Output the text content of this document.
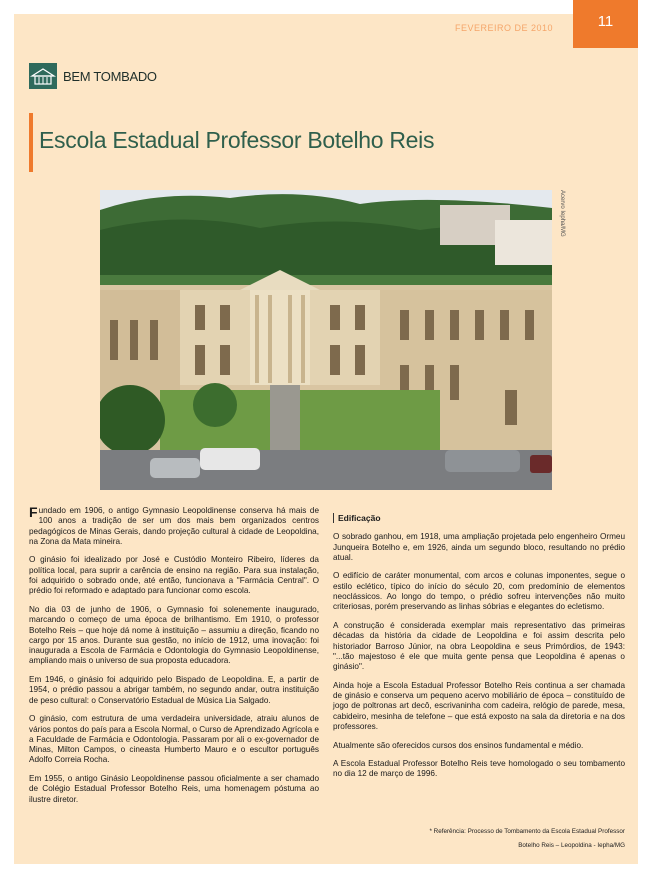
FEVEREIRO DE 2010	11
BEM TOMBADO
Escola Estadual Professor Botelho Reis
Acervo Iepha/MG

Fundado em 1906, o antigo Gymnasio Leopoldinense conserva há mais de 100 anos a tradição de ser um dos mais bem organizados centros pedagógicos de Minas Gerais, dando projeção cultural à cidade de Leopoldina, na Zona da Mata mineira.

O ginásio foi idealizado por José e Custódio Monteiro Ribeiro, líderes da política local, para suprir a carência de ensino na região. Para sua instalação, foi adquirido o sobrado onde, até então, funcionava a "Farmácia Central". O prédio foi reformado e adaptado para funcionar como escola.

No dia 03 de junho de 1906, o Gymnasio foi solenemente inaugurado, marcando o começo de uma época de brilhantismo. Em 1910, o professor Botelho Reis – que hoje dá nome à instituição – assumiu a direção, ficando no cargo por 15 anos. Durante sua gestão, no início de 1912, uma inovação: foi inaugurada a Escola de Farmácia e Odontologia do Gymnasio Leopoldinense, ampliando mais o universo de sua proposta educadora.

Em 1946, o ginásio foi adquirido pelo Bispado de Leopoldina. E, a partir de 1954, o prédio passou a abrigar também, no segundo andar, outra instituição de peso cultural: o Conservatório Estadual de Música Lia Salgado.

O ginásio, com estrutura de uma verdadeira universidade, atraiu alunos de vários pontos do país para a Escola Normal, o Curso de Aprendizado Agrícola e a Faculdade de Farmácia e Odontologia. Passaram por ali o ex-governador de Minas, Milton Campos, o cineasta Humberto Mauro e o escultor português Adolfo Correia Rocha.

Em 1955, o antigo Ginásio Leopoldinense passou oficialmente a ser chamado de Colégio Estadual Professor Botelho Reis, uma homenagem póstuma ao ilustre diretor.

Edificação

O sobrado ganhou, em 1918, uma ampliação projetada pelo engenheiro Ormeu Junqueira Botelho e, em 1926, ainda um segundo bloco, resultando no prédio atual.

O edifício de caráter monumental, com arcos e colunas imponentes, segue o estilo eclético, típico do início do século 20, com predomínio de elementos neoclássicos. Ao longo do tempo, o prédio sofreu intervenções não muito criteriosas, porém preservando as linhas sóbrias e elegantes do ecletismo.

A construção é considerada exemplar mais representativo das primeiras décadas da história da cidade de Leopoldina e foi assim descrita pelo historiador Barroso Júnior, na obra Leopoldina e seus Primórdios, de 1943: "...tão majestoso é ele que muita gente pensa que Leopoldina é apenas o ginásio".

Ainda hoje a Escola Estadual Professor Botelho Reis continua a ser chamada de ginásio e conserva um pequeno acervo mobiliário de época – constituído de jogo de poltronas art decô, escrivaninha com cadeira, relógio de parede, mesa, cabideiro, mesinha de telefone – que está exposto na sala da diretoria e na dos professores.

Atualmente são oferecidos cursos dos ensinos fundamental e médio.

A Escola Estadual Professor Botelho Reis teve homologado o seu tombamento no dia 12 de março de 1996.

* Referência: Processo de Tombamento da Escola Estadual Professor
Botelho Reis – Leopoldina - Iepha/MG
